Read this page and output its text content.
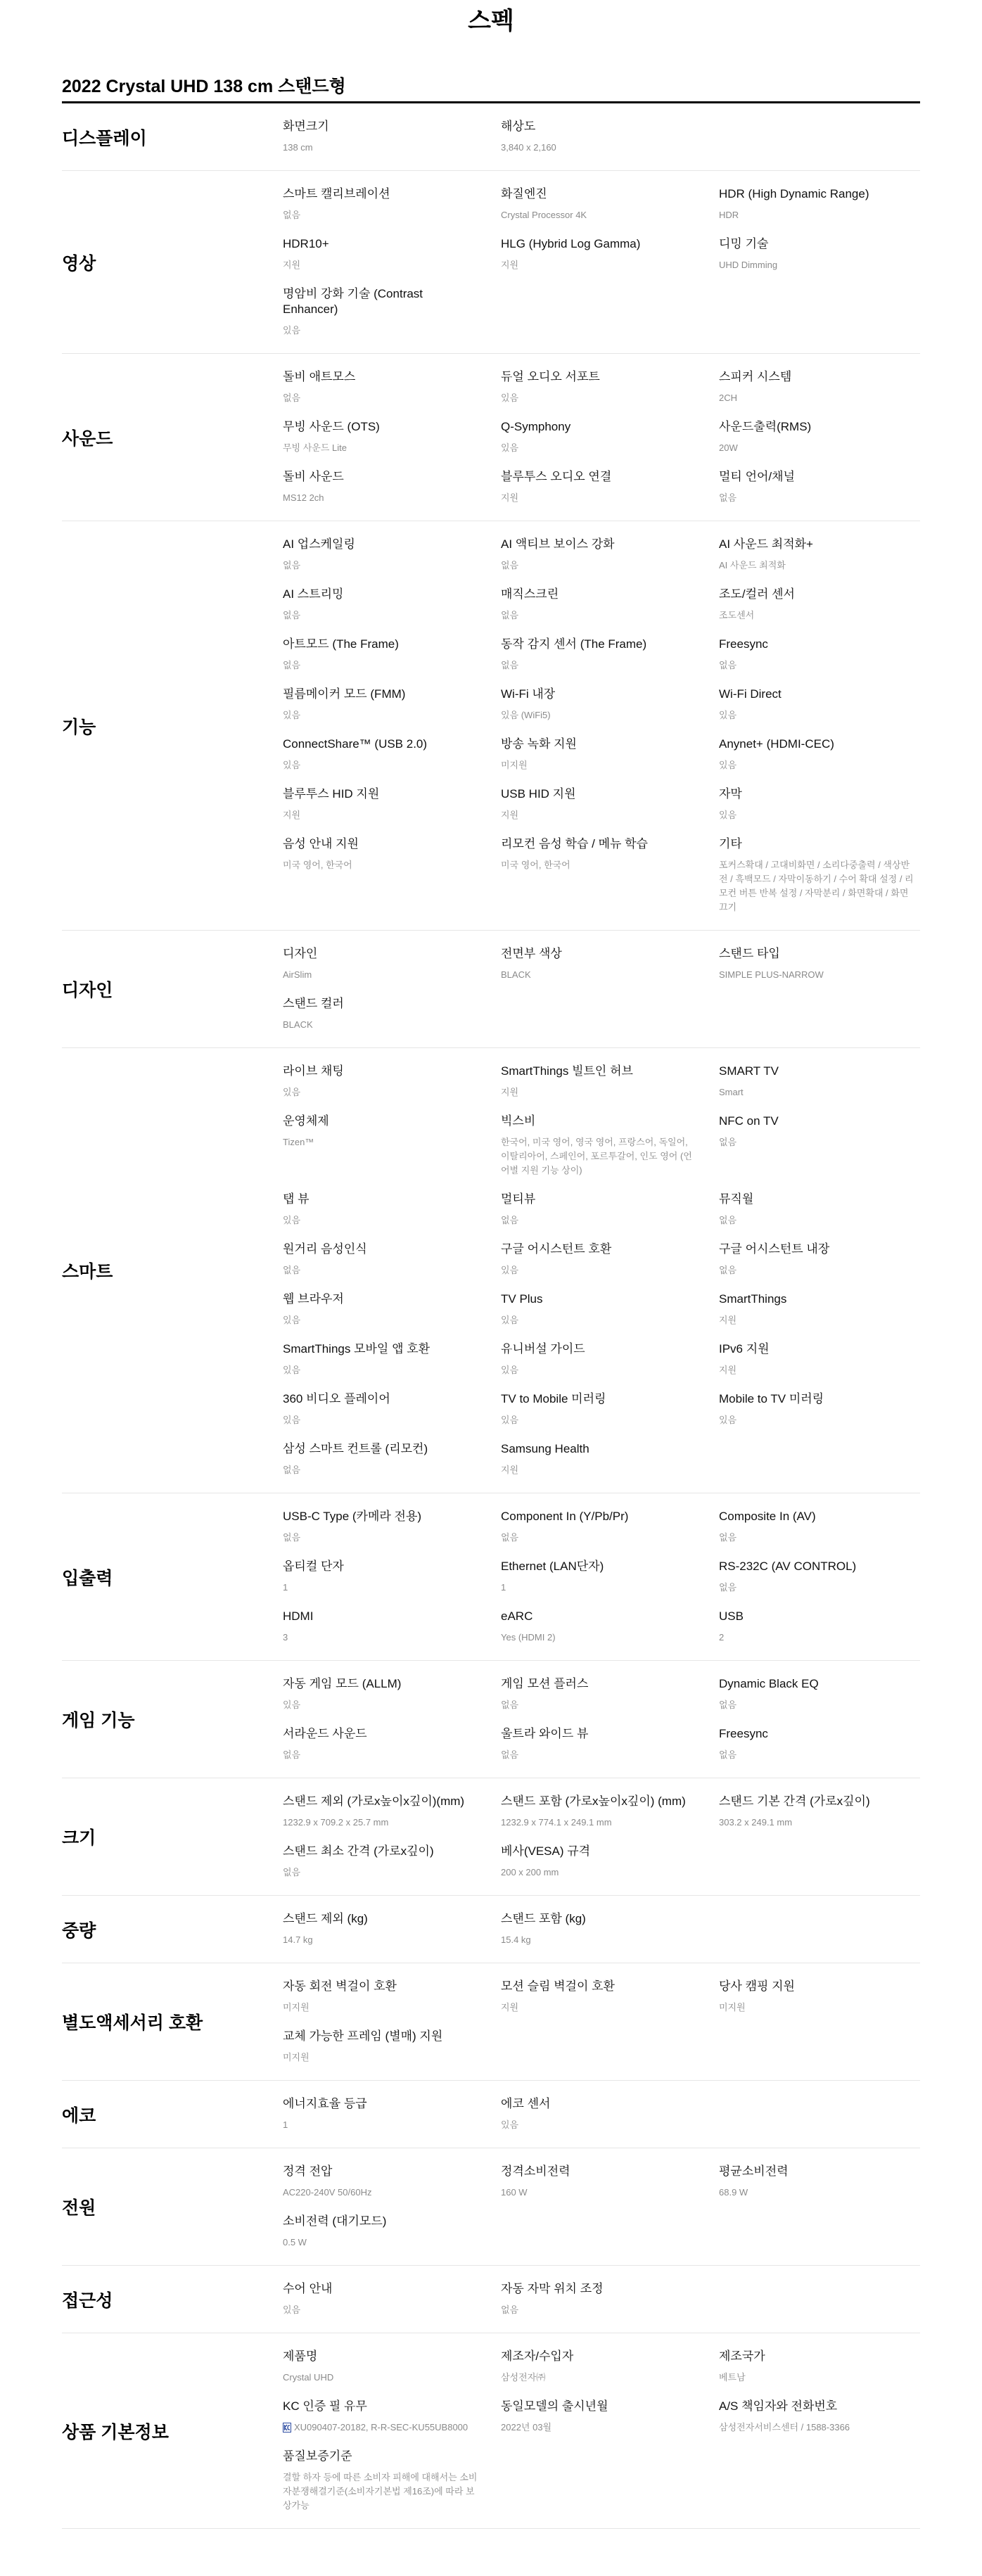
스펙
2022 Crystal UHD 138 cm 스탠드형
디스플레이
화면크기
138 cm
해상도
3,840 x 2,160
영상
스마트 캘리브레이션
없음
화질엔진
Crystal Processor 4K
HDR (High Dynamic Range)
HDR
HDR10+
지원
HLG (Hybrid Log Gamma)
지원
디밍 기술
UHD Dimming
명암비 강화 기술 (Contrast Enhancer)
있음
사운드
돌비 애트모스
없음
듀얼 오디오 서포트
있음
스피커 시스템
2CH
무빙 사운드 (OTS)
무빙 사운드 Lite
Q-Symphony
있음
사운드출력(RMS)
20W
돌비 사운드
MS12 2ch
블루투스 오디오 연결
지원
멀티 언어/채널
없음
기능
AI 업스케일링
없음
AI 액티브 보이스 강화
없음
AI 사운드 최적화+
AI 사운드 최적화
AI 스트리밍
없음
매직스크린
없음
조도/컬러 센서
조도센서
아트모드 (The Frame)
없음
동작 감지 센서 (The Frame)
없음
Freesync
없음
필름메이커 모드 (FMM)
있음
Wi-Fi 내장
있음 (WiFi5)
Wi-Fi Direct
있음
ConnectShare™ (USB 2.0)
있음
방송 녹화 지원
미지원
Anynet+ (HDMI-CEC)
있음
블루투스 HID 지원
지원
USB HID 지원
지원
자막
있음
음성 안내 지원
미국 영어, 한국어
리모컨 음성 학습 / 메뉴 학습
미국 영어, 한국어
기타
포커스확대 / 고대비화면 / 소리다중출력 / 색상반전 / 흑백모드 / 자막이동하기 / 수어 확대 설정 / 리모컨 버튼 반복 설정 / 자막분리 / 화면확대 / 화면끄기
디자인
디자인
AirSlim
전면부 색상
BLACK
스탠드 타입
SIMPLE PLUS-NARROW
스탠드 컬러
BLACK
스마트
라이브 채팅
있음
SmartThings 빌트인 허브
지원
SMART TV
Smart
운영체제
Tizen™
빅스비
한국어, 미국 영어, 영국 영어, 프랑스어, 독일어, 이탈리아어, 스페인어, 포르투갈어, 인도 영어 (언어별 지원 기능 상이)
NFC on TV
없음
탭 뷰
있음
멀티뷰
없음
뮤직월
없음
원거리 음성인식
없음
구글 어시스턴트 호환
있음
구글 어시스턴트 내장
없음
웹 브라우저
있음
TV Plus
있음
SmartThings
지원
SmartThings 모바일 앱 호환
있음
유니버설 가이드
있음
IPv6 지원
지원
360 비디오 플레이어
있음
TV to Mobile 미러링
있음
Mobile to TV 미러링
있음
삼성 스마트 컨트롤 (리모컨)
없음
Samsung Health
지원
입출력
USB-C Type (카메라 전용)
없음
Component In (Y/Pb/Pr)
없음
Composite In (AV)
없음
옵티컬 단자
1
Ethernet (LAN단자)
1
RS-232C (AV CONTROL)
없음
HDMI
3
eARC
Yes (HDMI 2)
USB
2
게임 기능
자동 게임 모드 (ALLM)
있음
게임 모션 플러스
없음
Dynamic Black EQ
없음
서라운드 사운드
없음
울트라 와이드 뷰
없음
Freesync
없음
크기
스탠드 제외 (가로x높이x깊이)(mm)
1232.9 x 709.2 x 25.7 mm
스탠드 포함 (가로x높이x깊이) (mm)
1232.9 x 774.1 x 249.1 mm
스탠드 기본 간격 (가로x깊이)
303.2 x 249.1 mm
스탠드 최소 간격 (가로x깊이)
없음
베사(VESA) 규격
200 x 200 mm
중량
스탠드 제외 (kg)
14.7 kg
스탠드 포함 (kg)
15.4 kg
별도액세서리 호환
자동 회전 벽걸이 호환
미지원
모션 슬림 벽걸이 호환
지원
당사 캠핑 지원
미지원
교체 가능한 프레임 (별매) 지원
미지원
에코
에너지효율 등급
1
에코 센서
있음
전원
정격 전압
AC220-240V 50/60Hz
정격소비전력
160 W
평균소비전력
68.9 W
소비전력 (대기모드)
0.5 W
접근성
수어 안내
있음
자동 자막 위치 조정
없음
상품 기본정보
제품명
Crystal UHD
제조자/수입자
삼성전자㈜
제조국가
베트남
KC 인증 필 유무
XU090407-20182, R-R-SEC-KU55UB8000
동일모델의 출시년월
2022년 03월
A/S 책임자와 전화번호
삼성전자서비스센터 / 1588-3366
품질보증기준
결할 하자 등에 따른 소비자 피해에 대해서는 소비자분쟁해결기준(소비자기본법 제16조)에 따라 보상가능
